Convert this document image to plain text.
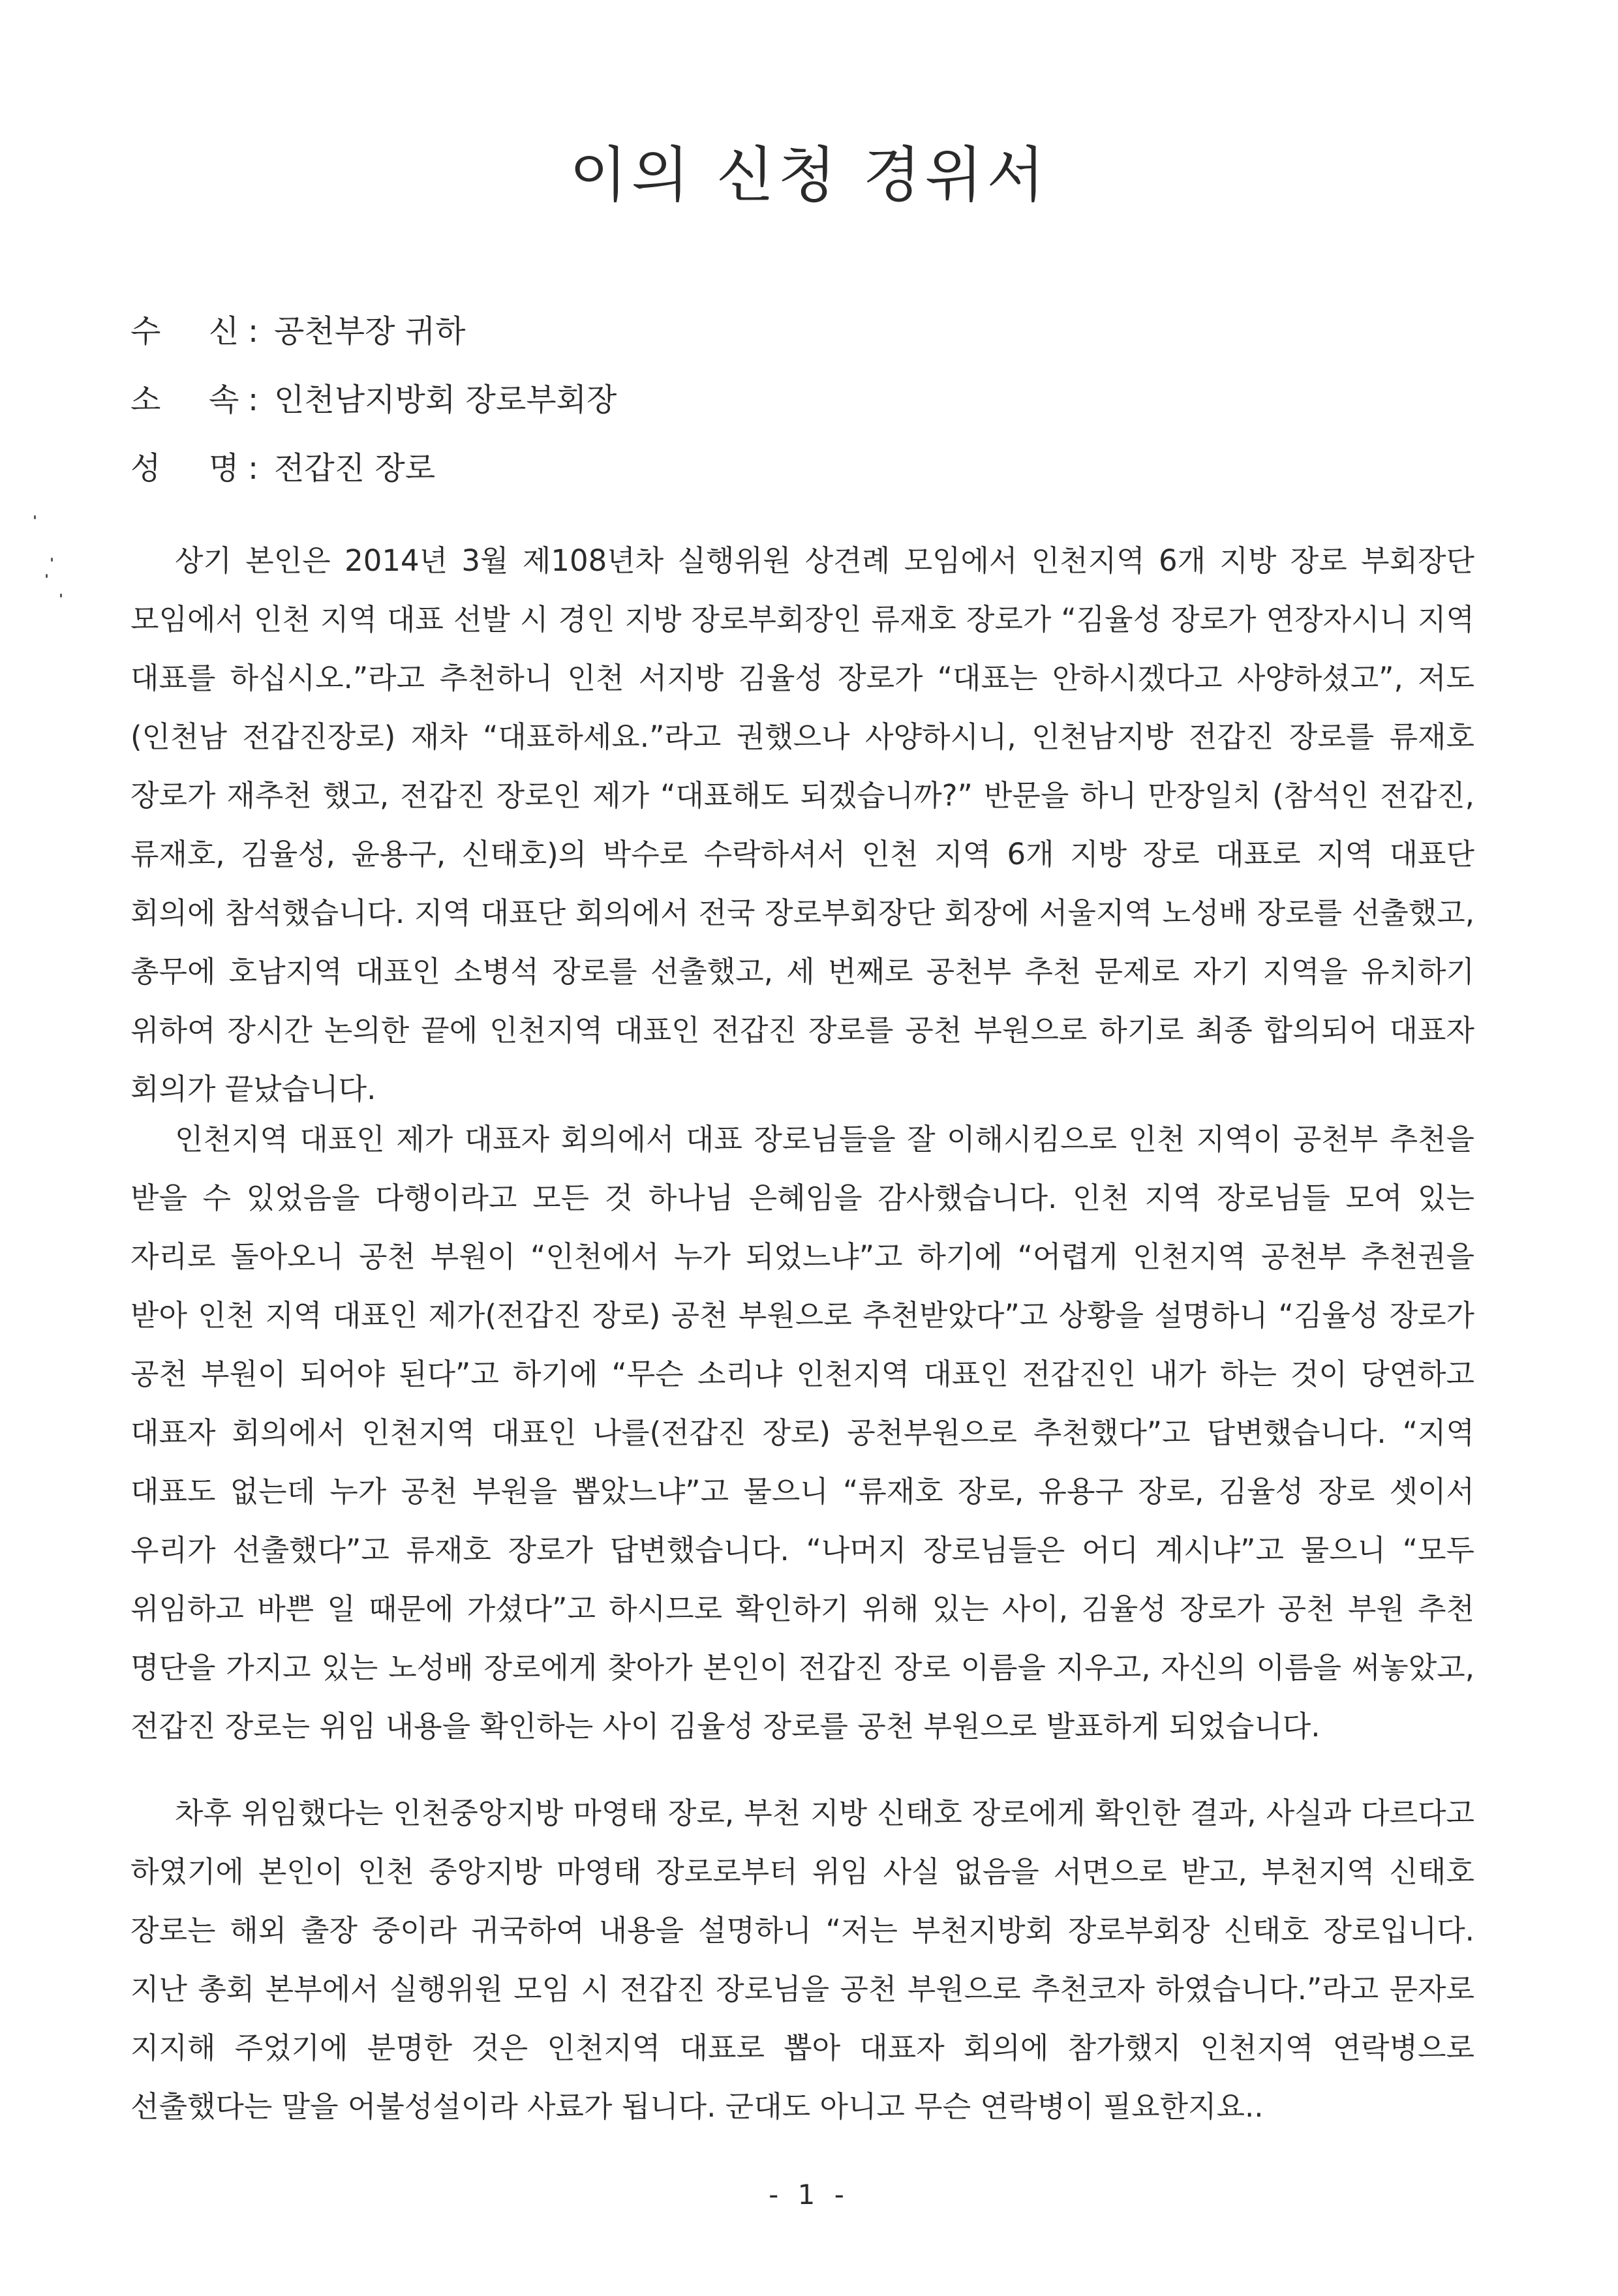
이의 신청 경위서
수 신 : 공천부장 귀하
소 속 : 인천남지방회 장로부회장
성 명 : 전갑진 장로

상기 본인은 2014년 3월 제108년차 실행위원 상견례 모임에서 인천지역 6개 지방 장로 부회장단 모임에서 인천 지역 대표 선발 시 경인 지방 장로부회장인 류재호 장로가 “김율성 장로가 연장자시니 지역 대표를 하십시오.”라고 추천하니 인천 서지방 김율성 장로가 “대표는 안하시겠다고 사양하셨고”, 저도(인천남 전갑진장로) 재차 “대표하세요.”라고 권했으나 사양하시니, 인천남지방 전갑진 장로를 류재호 장로가 재추천 했고, 전갑진 장로인 제가 “대표해도 되겠습니까?” 반문을 하니 만장일치 (참석인 전갑진, 류재호, 김율성, 윤용구, 신태호)의 박수로 수락하셔서 인천 지역 6개 지방 장로 대표로 지역 대표단 회의에 참석했습니다. 지역 대표단 회의에서 전국 장로부회장단 회장에 서울지역 노성배 장로를 선출했고, 총무에 호남지역 대표인 소병석 장로를 선출했고, 세 번째로 공천부 추천 문제로 자기 지역을 유치하기 위하여 장시간 논의한 끝에 인천지역 대표인 전갑진 장로를 공천 부원으로 하기로 최종 합의되어 대표자 회의가 끝났습니다.

인천지역 대표인 제가 대표자 회의에서 대표 장로님들을 잘 이해시킴으로 인천 지역이 공천부 추천을 받을 수 있었음을 다행이라고 모든 것 하나님 은혜임을 감사했습니다. 인천 지역 장로님들 모여 있는 자리로 돌아오니 공천 부원이 “인천에서 누가 되었느냐”고 하기에 “어렵게 인천지역 공천부 추천권을 받아 인천 지역 대표인 제가(전갑진 장로) 공천 부원으로 추천받았다”고 상황을 설명하니 “김율성 장로가 공천 부원이 되어야 된다”고 하기에 “무슨 소리냐 인천지역 대표인 전갑진인 내가 하는 것이 당연하고 대표자 회의에서 인천지역 대표인 나를(전갑진 장로) 공천부원으로 추천했다”고 답변했습니다. “지역 대표도 없는데 누가 공천 부원을 뽑았느냐”고 물으니 “류재호 장로, 유용구 장로, 김율성 장로 셋이서 우리가 선출했다”고 류재호 장로가 답변했습니다. “나머지 장로님들은 어디 계시냐”고 물으니 “모두 위임하고 바쁜 일 때문에 가셨다”고 하시므로 확인하기 위해 있는 사이, 김율성 장로가 공천 부원 추천 명단을 가지고 있는 노성배 장로에게 찾아가 본인이 전갑진 장로 이름을 지우고, 자신의 이름을 써놓았고, 전갑진 장로는 위임 내용을 확인하는 사이 김율성 장로를 공천 부원으로 발표하게 되었습니다.

차후 위임했다는 인천중앙지방 마영태 장로, 부천 지방 신태호 장로에게 확인한 결과, 사실과 다르다고 하였기에 본인이 인천 중앙지방 마영태 장로로부터 위임 사실 없음을 서면으로 받고, 부천지역 신태호 장로는 해외 출장 중이라 귀국하여 내용을 설명하니 “저는 부천지방회 장로부회장 신태호 장로입니다. 지난 총회 본부에서 실행위원 모임 시 전갑진 장로님을 공천 부원으로 추천코자 하였습니다.”라고 문자로 지지해 주었기에 분명한 것은 인천지역 대표로 뽑아 대표자 회의에 참가했지 인천지역 연락병으로 선출했다는 말을 어불성설이라 사료가 됩니다. 군대도 아니고 무슨 연락병이 필요한지요..

- 1 -
